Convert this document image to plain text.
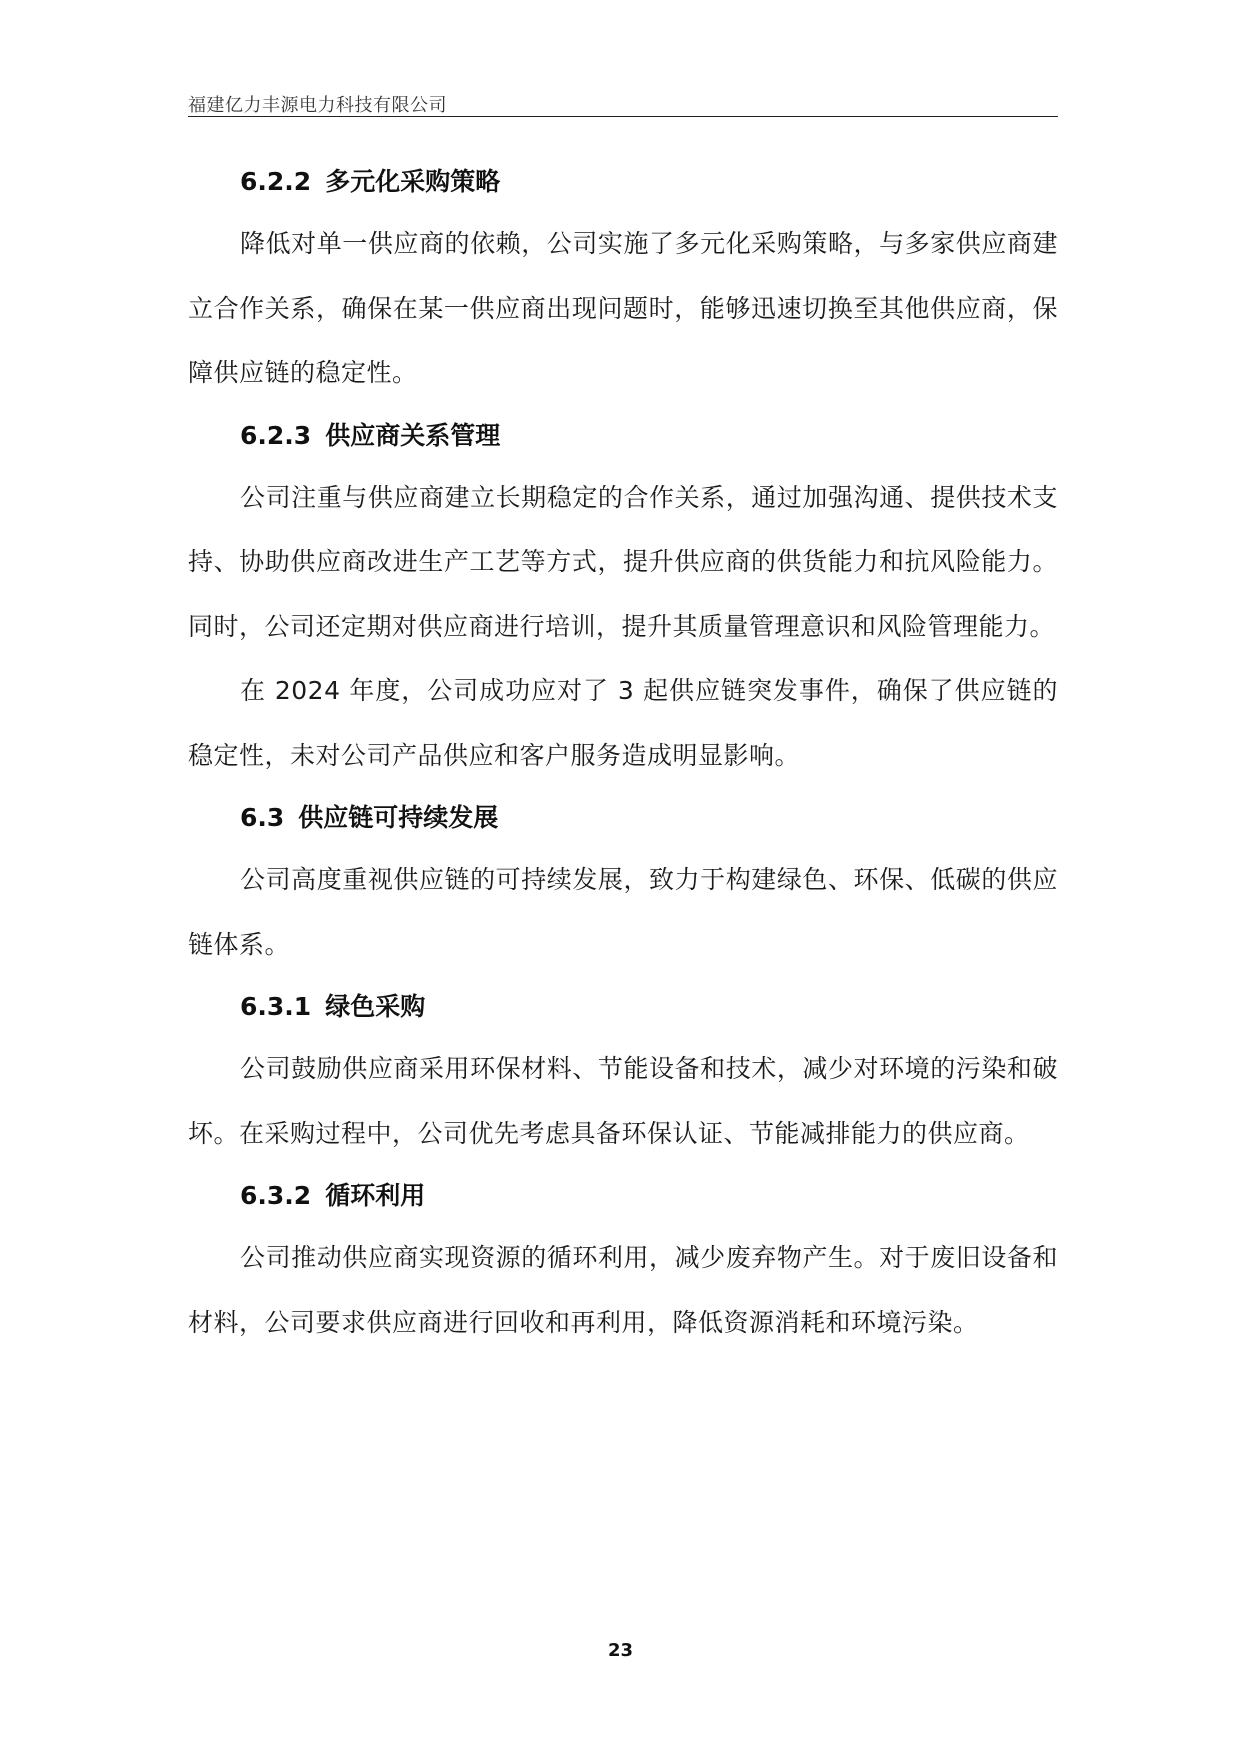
福建亿力丰源电力科技有限公司
6.2.2 多元化采购策略

降低对单一供应商的依赖，公司实施了多元化采购策略，与多家供应商建立合作关系，确保在某一供应商出现问题时，能够迅速切换至其他供应商，保障供应链的稳定性。

6.2.3 供应商关系管理

公司注重与供应商建立长期稳定的合作关系，通过加强沟通、提供技术支持、协助供应商改进生产工艺等方式，提升供应商的供货能力和抗风险能力。同时，公司还定期对供应商进行培训，提升其质量管理意识和风险管理能力。

在 2024 年度，公司成功应对了 3 起供应链突发事件，确保了供应链的稳定性，未对公司产品供应和客户服务造成明显影响。

6.3 供应链可持续发展

公司高度重视供应链的可持续发展，致力于构建绿色、环保、低碳的供应链体系。

6.3.1 绿色采购

公司鼓励供应商采用环保材料、节能设备和技术，减少对环境的污染和破坏。在采购过程中，公司优先考虑具备环保认证、节能减排能力的供应商。

6.3.2 循环利用

公司推动供应商实现资源的循环利用，减少废弃物产生。对于废旧设备和材料，公司要求供应商进行回收和再利用，降低资源消耗和环境污染。

23
